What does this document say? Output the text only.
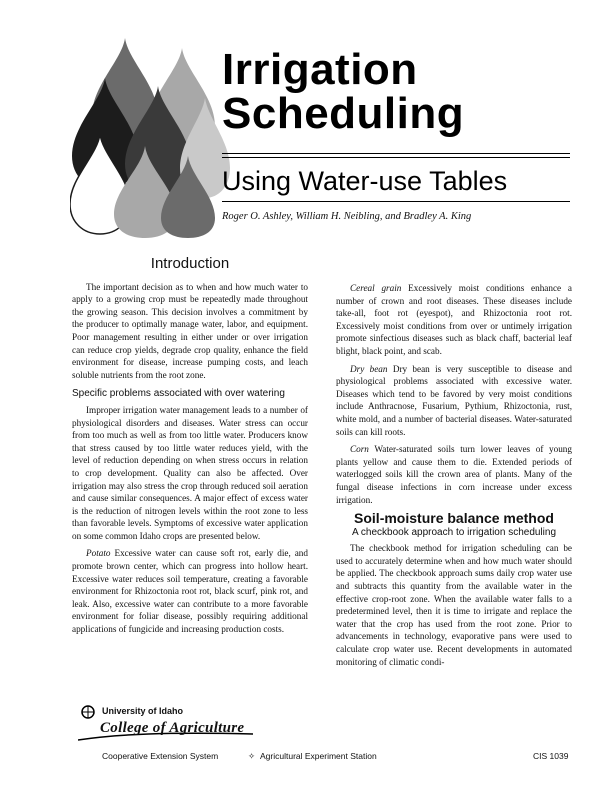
Irrigation
Scheduling
Using Water-use Tables
Roger O. Ashley, William H. Neibling, and Bradley A. King
Introduction

The important decision as to when and how much water to apply to a growing crop must be repeatedly made throughout the growing season. This decision involves a commitment by the producer to optimally manage water, labor, and equipment. Poor management resulting in either under or over irrigation can reduce crop yields, degrade crop quality, enhance the field environment for disease, increase pumping costs, and leach soluble nutrients from the root zone.

Specific problems associated with over watering

Improper irrigation water management leads to a number of physiological disorders and diseases. Water stress can occur from too much as well as from too little water. Producers know that stress caused by too little water reduces yield, with the level of reduction depending on when stress occurs in relation to crop development. Quality can also be affected. Over irrigation may also stress the crop through reduced soil aeration and cause similar consequences. A major effect of excess water is the reduction of nitrogen levels within the root zone to less than favorable levels. Symptoms of excessive water application on some common Idaho crops are presented below.

Potato Excessive water can cause soft rot, early die, and promote brown center, which can progress into hollow heart. Excessive water reduces soil temperature, creating a favorable environment for Rhizoctonia root rot, black scurf, pink rot, and leak. Also, excessive water can contribute to a more favorable environment for foliar disease, possibly requiring additional applications of fungicide and increasing production costs.

Cereal grain Excessively moist conditions enhance a number of crown and root diseases. These diseases include take-all, foot rot (eyespot), and Rhizoctonia root rot. Excessively moist conditions from over or untimely irrigation promote sinfectious diseases such as black chaff, bacterial leaf blight, black point, and scab.

Dry bean Dry bean is very susceptible to disease and physiological problems associated with excessive water. Diseases which tend to be favored by very moist conditions include Anthracnose, Fusarium, Pythium, Rhizoctonia, rust, white mold, and a number of bacterial diseases. Water-saturated soils can kill roots.

Corn Water-saturated soils turn lower leaves of young plants yellow and cause them to die. Extended periods of waterlogged soils kill the crown area of plants. Many of the fungal disease infections in corn increase under excess irrigation.

Soil-moisture balance method
A checkbook approach to irrigation scheduling

The checkbook method for irrigation scheduling can be used to accurately determine when and how much water should be applied. The checkbook approach sums daily crop water use and subtracts this quantity from the available water in the effective crop-root zone. When the available water falls to a predetermined level, then it is time to irrigate and replace the water that the crop has used from the root zone. Prior to advancements in technology, evaporative pans were used to calculate crop water use. Recent developments in automated monitoring of climatic condi-

University of Idaho
College of Agriculture
Cooperative Extension System	✧ Agricultural Experiment Station	CIS 1039
